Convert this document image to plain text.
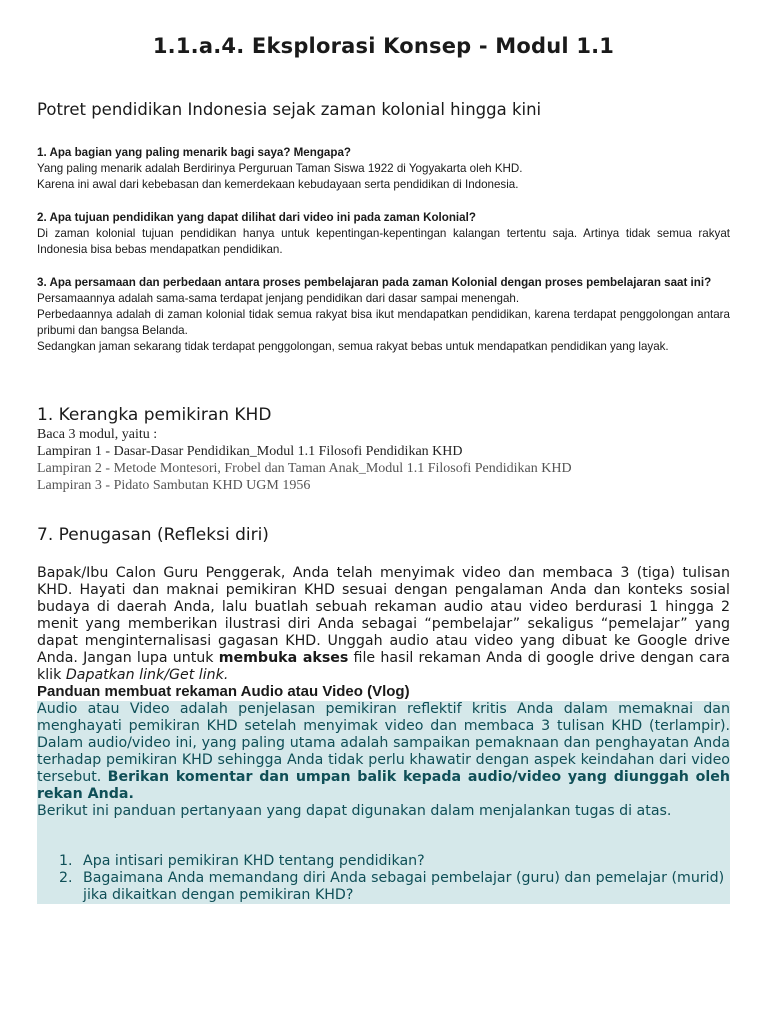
1.1.a.4. Eksplorasi Konsep - Modul 1.1
Potret pendidikan Indonesia sejak zaman kolonial hingga kini

1. Apa bagian yang paling menarik bagi saya? Mengapa?

Yang paling menarik adalah Berdirinya Perguruan Taman Siswa 1922 di Yogyakarta oleh KHD.

Karena ini awal dari kebebasan dan kemerdekaan kebudayaan serta pendidikan di Indonesia.

2. Apa tujuan pendidikan yang dapat dilihat dari video ini pada zaman Kolonial?

Di zaman kolonial tujuan pendidikan hanya untuk kepentingan-kepentingan kalangan tertentu saja. Artinya tidak semua rakyat Indonesia bisa bebas mendapatkan pendidikan.

3. Apa persamaan dan perbedaan antara proses pembelajaran pada zaman Kolonial dengan proses pembelajaran saat ini?

Persamaannya adalah sama-sama terdapat jenjang pendidikan dari dasar sampai menengah.

Perbedaannya adalah di zaman kolonial tidak semua rakyat bisa ikut mendapatkan pendidikan, karena terdapat penggolongan antara pribumi dan bangsa Belanda.

Sedangkan jaman sekarang tidak terdapat penggolongan, semua rakyat bebas untuk mendapatkan pendidikan yang layak.

1. Kerangka pemikiran KHD
Baca 3 modul, yaitu :
Lampiran 1 - Dasar-Dasar Pendidikan_Modul 1.1 Filosofi Pendidikan KHD
Lampiran 2 - Metode Montesori, Frobel dan Taman Anak_Modul 1.1 Filosofi Pendidikan KHD
Lampiran 3 - Pidato Sambutan KHD UGM 1956
7. Penugasan (Refleksi diri)
Bapak/Ibu Calon Guru Penggerak, Anda telah menyimak video dan membaca 3 (tiga) tulisan KHD. Hayati dan maknai pemikiran KHD sesuai dengan pengalaman Anda dan konteks sosial budaya di daerah Anda, lalu buatlah sebuah rekaman audio atau video berdurasi 1 hingga 2 menit yang memberikan ilustrasi diri Anda sebagai “pembelajar” sekaligus “pemelajar” yang dapat menginternalisasi gagasan KHD. Unggah audio atau video yang dibuat ke Google drive Anda. Jangan lupa untuk membuka akses file hasil rekaman Anda di google drive dengan cara klik Dapatkan link/Get link.
Panduan membuat rekaman Audio atau Video (Vlog)
Audio atau Video adalah penjelasan pemikiran reflektif kritis Anda dalam memaknai dan menghayati pemikiran KHD setelah menyimak video dan membaca 3 tulisan KHD (terlampir). Dalam audio/video ini, yang paling utama adalah sampaikan pemaknaan dan penghayatan Anda terhadap pemikiran KHD sehingga Anda tidak perlu khawatir dengan aspek keindahan dari video tersebut. Berikan komentar dan umpan balik kepada audio/video yang diunggah oleh rekan Anda.
Berikut ini panduan pertanyaan yang dapat digunakan dalam menjalankan tugas di atas.
1. Apa intisari pemikiran KHD tentang pendidikan?
2. Bagaimana Anda memandang diri Anda sebagai pembelajar (guru) dan pemelajar (murid) jika dikaitkan dengan pemikiran KHD?
